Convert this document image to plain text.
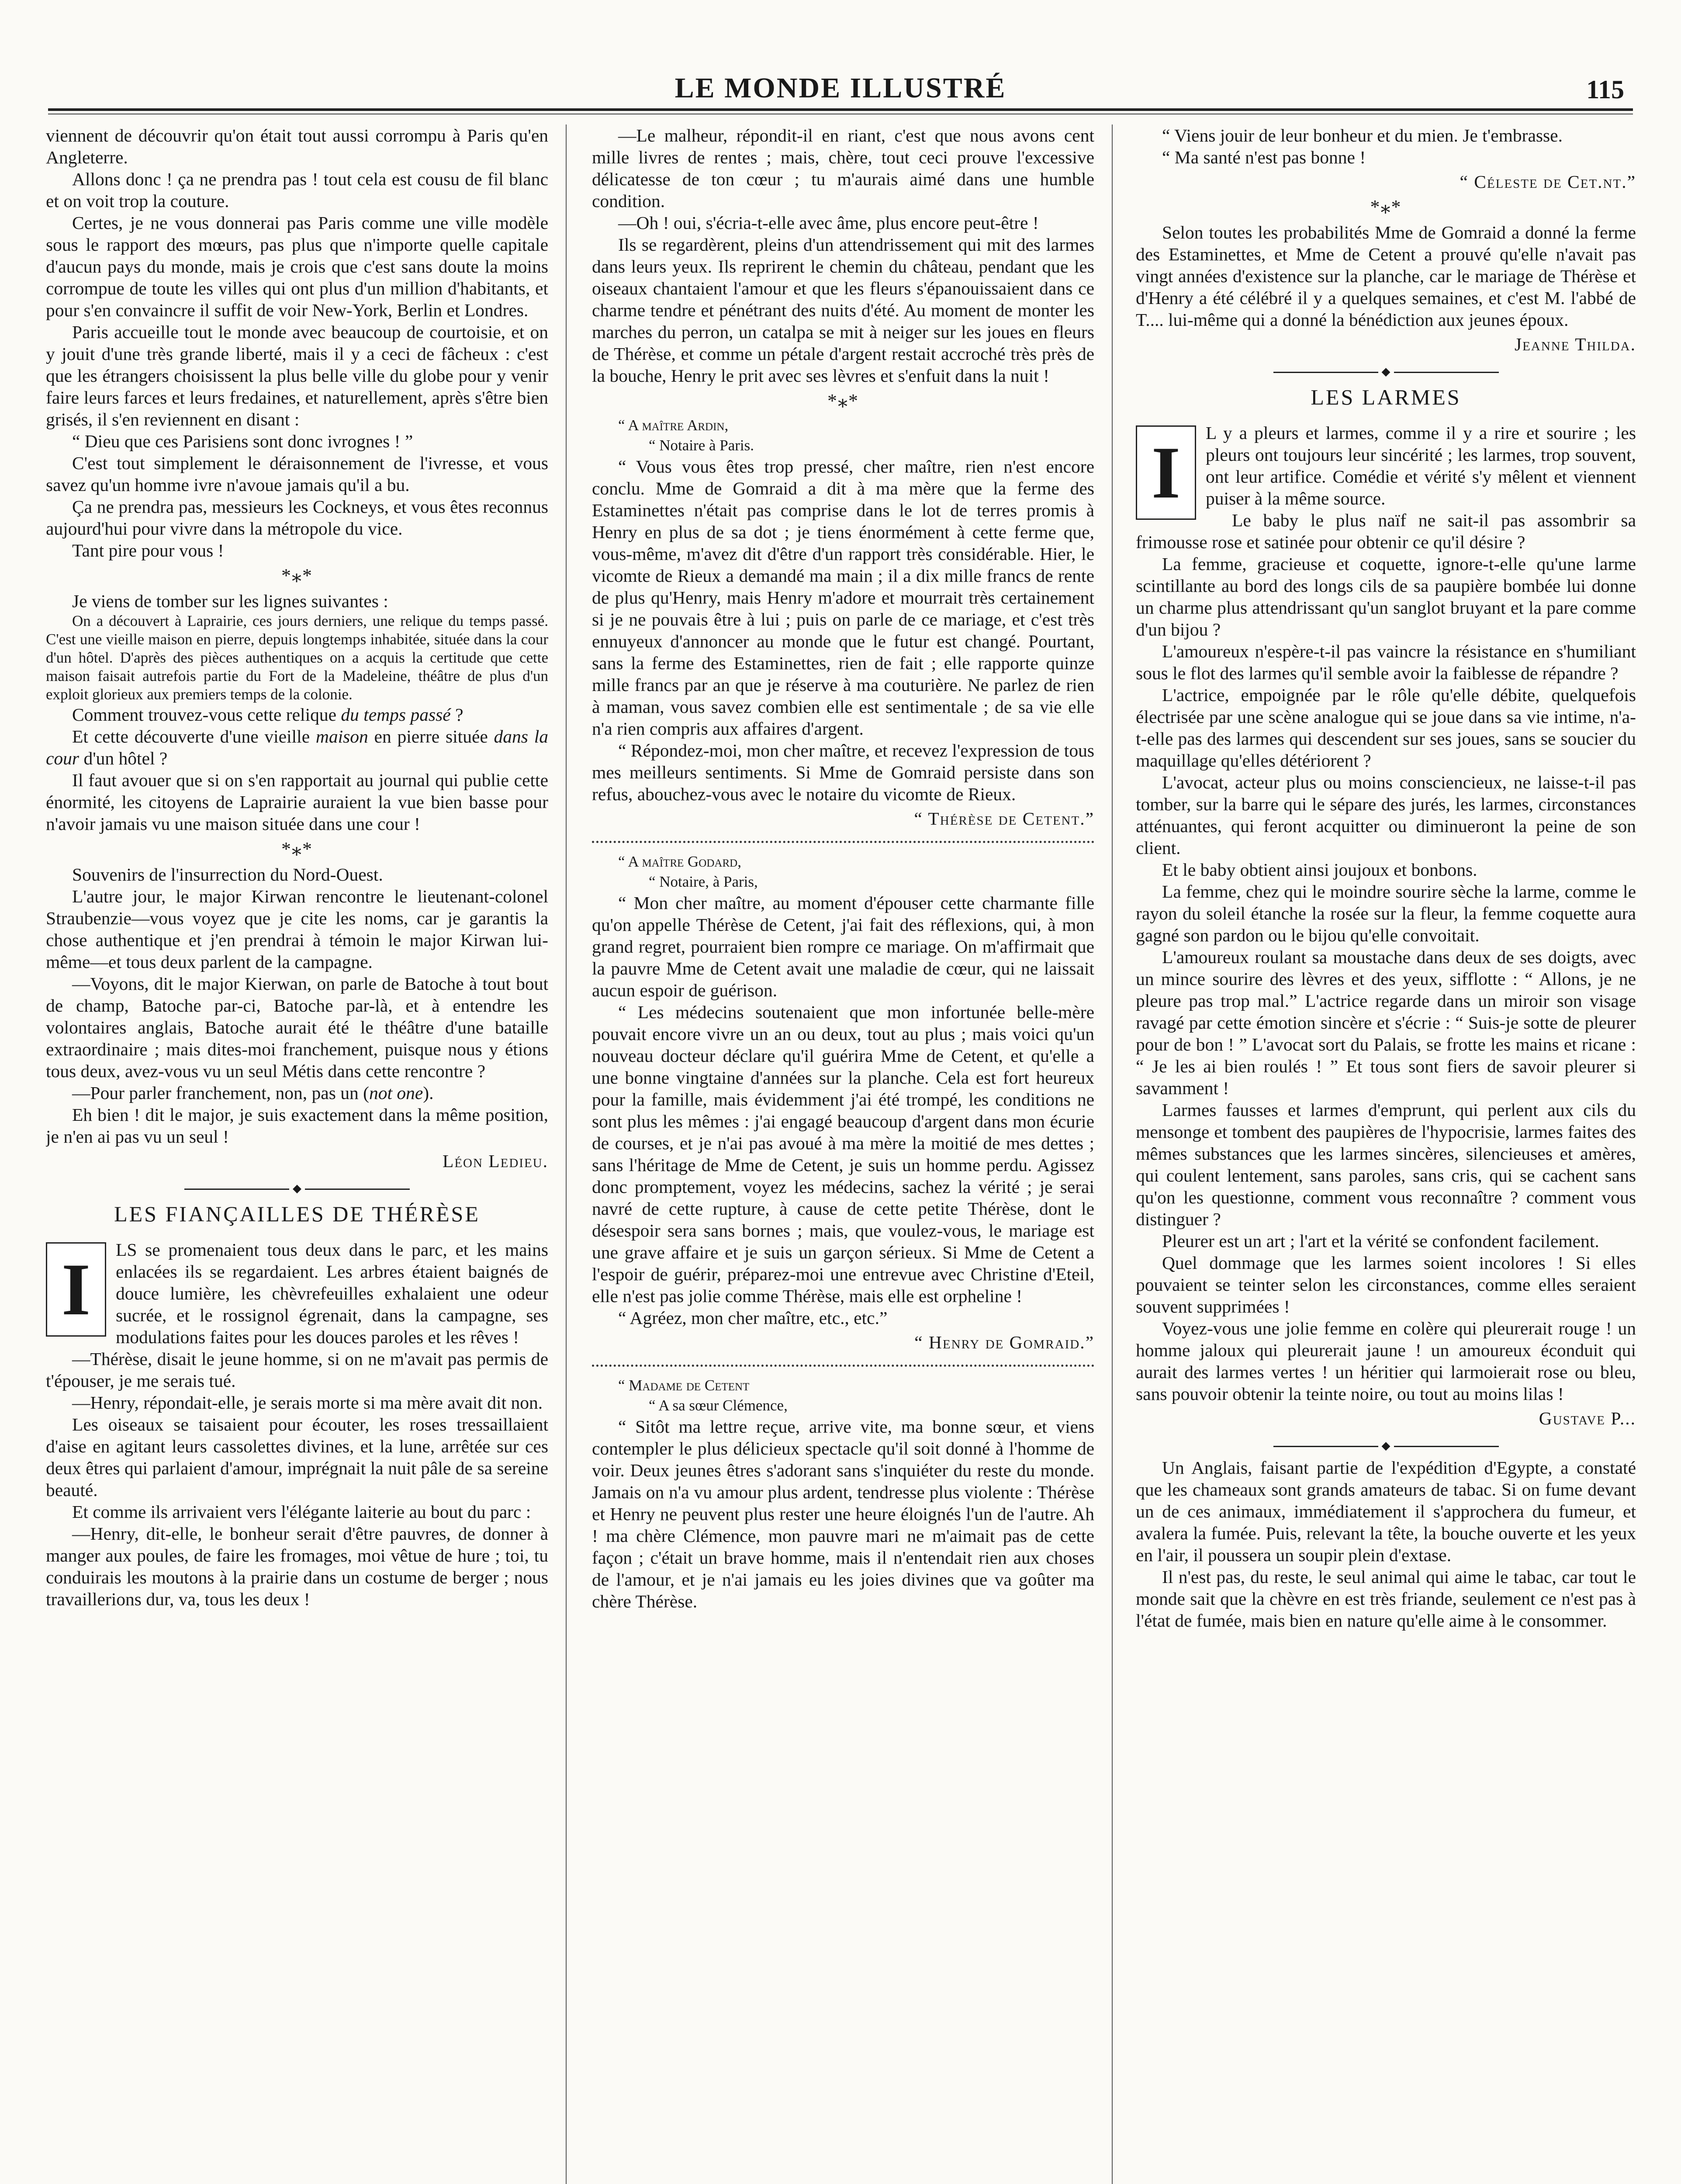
LE MONDE ILLUSTRÉ	115

viennent de découvrir qu'on était tout aussi corrompu à Paris qu'en Angleterre.

Allons donc ! ça ne prendra pas ! tout cela est cousu de fil blanc et on voit trop la couture.

Certes, je ne vous donnerai pas Paris comme une ville modèle sous le rapport des mœurs, pas plus que n'importe quelle capitale d'aucun pays du monde, mais je crois que c'est sans doute la moins corrompue de toute les villes qui ont plus d'un million d'habitants, et pour s'en convaincre il suffit de voir New-York, Berlin et Londres.

Paris accueille tout le monde avec beaucoup de courtoisie, et on y jouit d'une très grande liberté, mais il y a ceci de fâcheux : c'est que les étrangers choisissent la plus belle ville du globe pour y venir faire leurs farces et leurs fredaines, et naturellement, après s'être bien grisés, il s'en reviennent en disant :

“ Dieu que ces Parisiens sont donc ivrognes ! ”

C'est tout simplement le déraisonnement de l'ivresse, et vous savez qu'un homme ivre n'avoue jamais qu'il a bu.

Ça ne prendra pas, messieurs les Cockneys, et vous êtes reconnus aujourd'hui pour vivre dans la métropole du vice.

Tant pire pour vous !

*⁎*

Je viens de tomber sur les lignes suivantes :

On a découvert à Laprairie, ces jours derniers, une relique du temps passé. C'est une vieille maison en pierre, depuis longtemps inhabitée, située dans la cour d'un hôtel. D'après des pièces authentiques on a acquis la certitude que cette maison faisait autrefois partie du Fort de la Madeleine, théâtre de plus d'un exploit glorieux aux premiers temps de la colonie.

Comment trouvez-vous cette relique du temps passé ?

Et cette découverte d'une vieille maison en pierre située dans la cour d'un hôtel ?

Il faut avouer que si on s'en rapportait au journal qui publie cette énormité, les citoyens de Laprairie auraient la vue bien basse pour n'avoir jamais vu une maison située dans une cour !

*⁎*

Souvenirs de l'insurrection du Nord-Ouest.

L'autre jour, le major Kirwan rencontre le lieutenant-colonel Straubenzie—vous voyez que je cite les noms, car je garantis la chose authentique et j'en prendrai à témoin le major Kirwan lui-même—et tous deux parlent de la campagne.

—Voyons, dit le major Kierwan, on parle de Batoche à tout bout de champ, Batoche par-ci, Batoche par-là, et à entendre les volontaires anglais, Batoche aurait été le théâtre d'une bataille extraordinaire ; mais dites-moi franchement, puisque nous y étions tous deux, avez-vous vu un seul Métis dans cette rencontre ?

—Pour parler franchement, non, pas un (not one).

Eh bien ! dit le major, je suis exactement dans la même position, je n'en ai pas vu un seul !

Léon Ledieu.
◆
LES FIANÇAILLES DE THÉRÈSE
I	LS se promenaient tous deux dans le parc, et les mains enlacées ils se regardaient. Les arbres étaient baignés de douce lumière, les chèvrefeuilles exhalaient une odeur sucrée, et le rossignol égrenait, dans la campagne, ses modulations faites pour les douces paroles et les rêves !

—Thérèse, disait le jeune homme, si on ne m'avait pas permis de t'épouser, je me serais tué.

—Henry, répondait-elle, je serais morte si ma mère avait dit non.

Les oiseaux se taisaient pour écouter, les roses tressaillaient d'aise en agitant leurs cassolettes divines, et la lune, arrêtée sur ces deux êtres qui parlaient d'amour, imprégnait la nuit pâle de sa sereine beauté.

Et comme ils arrivaient vers l'élégante laiterie au bout du parc :

—Henry, dit-elle, le bonheur serait d'être pauvres, de donner à manger aux poules, de faire les fromages, moi vêtue de hure ; toi, tu conduirais les moutons à la prairie dans un costume de berger ; nous travaillerions dur, va, tous les deux !

—Le malheur, répondit-il en riant, c'est que nous avons cent mille livres de rentes ; mais, chère, tout ceci prouve l'excessive délicatesse de ton cœur ; tu m'aurais aimé dans une humble condition.

—Oh ! oui, s'écria-t-elle avec âme, plus encore peut-être !

Ils se regardèrent, pleins d'un attendrissement qui mit des larmes dans leurs yeux. Ils reprirent le chemin du château, pendant que les oiseaux chantaient l'amour et que les fleurs s'épanouissaient dans ce charme tendre et pénétrant des nuits d'été. Au moment de monter les marches du perron, un catalpa se mit à neiger sur les joues en fleurs de Thérèse, et comme un pétale d'argent restait accroché très près de la bouche, Henry le prit avec ses lèvres et s'enfuit dans la nuit !

*⁎*
“ A maître Ardin,
“ Notaire à Paris.

“ Vous vous êtes trop pressé, cher maître, rien n'est encore conclu. Mme de Gomraid a dit à ma mère que la ferme des Estaminettes n'était pas comprise dans le lot de terres promis à Henry en plus de sa dot ; je tiens énormément à cette ferme que, vous-même, m'avez dit d'être d'un rapport très considérable. Hier, le vicomte de Rieux a demandé ma main ; il a dix mille francs de rente de plus qu'Henry, mais Henry m'adore et mourrait très certainement si je ne pouvais être à lui ; puis on parle de ce mariage, et c'est très ennuyeux d'annoncer au monde que le futur est changé. Pourtant, sans la ferme des Estaminettes, rien de fait ; elle rapporte quinze mille francs par an que je réserve à ma couturière. Ne parlez de rien à maman, vous savez combien elle est sentimentale ; de sa vie elle n'a rien compris aux affaires d'argent.

“ Répondez-moi, mon cher maître, et recevez l'expression de tous mes meilleurs sentiments. Si Mme de Gomraid persiste dans son refus, abouchez-vous avec le notaire du vicomte de Rieux.

“ Thérèse de Cetent.”
“ A maître Godard,
“ Notaire, à Paris,

“ Mon cher maître, au moment d'épouser cette charmante fille qu'on appelle Thérèse de Cetent, j'ai fait des réflexions, qui, à mon grand regret, pourraient bien rompre ce mariage. On m'affirmait que la pauvre Mme de Cetent avait une maladie de cœur, qui ne laissait aucun espoir de guérison.

“ Les médecins soutenaient que mon infortunée belle-mère pouvait encore vivre un an ou deux, tout au plus ; mais voici qu'un nouveau docteur déclare qu'il guérira Mme de Cetent, et qu'elle a une bonne vingtaine d'années sur la planche. Cela est fort heureux pour la famille, mais évidemment j'ai été trompé, les conditions ne sont plus les mêmes : j'ai engagé beaucoup d'argent dans mon écurie de courses, et je n'ai pas avoué à ma mère la moitié de mes dettes ; sans l'héritage de Mme de Cetent, je suis un homme perdu. Agissez donc promptement, voyez les médecins, sachez la vérité ; je serai navré de cette rupture, à cause de cette petite Thérèse, dont le désespoir sera sans bornes ; mais, que voulez-vous, le mariage est une grave affaire et je suis un garçon sérieux. Si Mme de Cetent a l'espoir de guérir, préparez-moi une entrevue avec Christine d'Eteil, elle n'est pas jolie comme Thérèse, mais elle est orpheline !

“ Agréez, mon cher maître, etc., etc.”

“ Henry de Gomraid.”
“ Madame de Cetent
“ A sa sœur Clémence,

“ Sitôt ma lettre reçue, arrive vite, ma bonne sœur, et viens contempler le plus délicieux spectacle qu'il soit donné à l'homme de voir. Deux jeunes êtres s'adorant sans s'inquiéter du reste du monde. Jamais on n'a vu amour plus ardent, tendresse plus violente : Thérèse et Henry ne peuvent plus rester une heure éloignés l'un de l'autre. Ah ! ma chère Clémence, mon pauvre mari ne m'aimait pas de cette façon ; c'était un brave homme, mais il n'entendait rien aux choses de l'amour, et je n'ai jamais eu les joies divines que va goûter ma chère Thérèse.

“ Viens jouir de leur bonheur et du mien. Je t'embrasse.

“ Ma santé n'est pas bonne !

“ Céleste de Cet.nt.”
*⁎*

Selon toutes les probabilités Mme de Gomraid a donné la ferme des Estaminettes, et Mme de Cetent a prouvé qu'elle n'avait pas vingt années d'existence sur la planche, car le mariage de Thérèse et d'Henry a été célébré il y a quelques semaines, et c'est M. l'abbé de T.... lui-même qui a donné la bénédiction aux jeunes époux.

Jeanne Thilda.
◆
LES LARMES
I	L y a pleurs et larmes, comme il y a rire et sourire ; les pleurs ont toujours leur sincérité ; les larmes, trop souvent, ont leur artifice. Comédie et vérité s'y mêlent et viennent puiser à la même source.

Le baby le plus naïf ne sait-il pas assombrir sa frimousse rose et satinée pour obtenir ce qu'il désire ?

La femme, gracieuse et coquette, ignore-t-elle qu'une larme scintillante au bord des longs cils de sa paupière bombée lui donne un charme plus attendrissant qu'un sanglot bruyant et la pare comme d'un bijou ?

L'amoureux n'espère-t-il pas vaincre la résistance en s'humiliant sous le flot des larmes qu'il semble avoir la faiblesse de répandre ?

L'actrice, empoignée par le rôle qu'elle débite, quelquefois électrisée par une scène analogue qui se joue dans sa vie intime, n'a-t-elle pas des larmes qui descendent sur ses joues, sans se soucier du maquillage qu'elles détériorent ?

L'avocat, acteur plus ou moins consciencieux, ne laisse-t-il pas tomber, sur la barre qui le sépare des jurés, les larmes, circonstances atténuantes, qui feront acquitter ou diminueront la peine de son client.

Et le baby obtient ainsi joujoux et bonbons.

La femme, chez qui le moindre sourire sèche la larme, comme le rayon du soleil étanche la rosée sur la fleur, la femme coquette aura gagné son pardon ou le bijou qu'elle convoitait.

L'amoureux roulant sa moustache dans deux de ses doigts, avec un mince sourire des lèvres et des yeux, sifflotte : “ Allons, je ne pleure pas trop mal.” L'actrice regarde dans un miroir son visage ravagé par cette émotion sincère et s'écrie : “ Suis-je sotte de pleurer pour de bon ! ” L'avocat sort du Palais, se frotte les mains et ricane : “ Je les ai bien roulés ! ” Et tous sont fiers de savoir pleurer si savamment !

Larmes fausses et larmes d'emprunt, qui perlent aux cils du mensonge et tombent des paupières de l'hypocrisie, larmes faites des mêmes substances que les larmes sincères, silencieuses et amères, qui coulent lentement, sans paroles, sans cris, qui se cachent sans qu'on les questionne, comment vous reconnaître ? comment vous distinguer ?

Pleurer est un art ; l'art et la vérité se confondent facilement.

Quel dommage que les larmes soient incolores ! Si elles pouvaient se teinter selon les circonstances, comme elles seraient souvent supprimées !

Voyez-vous une jolie femme en colère qui pleurerait rouge ! un homme jaloux qui pleurerait jaune ! un amoureux éconduit qui aurait des larmes vertes ! un héritier qui larmoierait rose ou bleu, sans pouvoir obtenir la teinte noire, ou tout au moins lilas !

Gustave P...
◆

Un Anglais, faisant partie de l'expédition d'Egypte, a constaté que les chameaux sont grands amateurs de tabac. Si on fume devant un de ces animaux, immédiatement il s'approchera du fumeur, et avalera la fumée. Puis, relevant la tête, la bouche ouverte et les yeux en l'air, il poussera un soupir plein d'extase.

Il n'est pas, du reste, le seul animal qui aime le tabac, car tout le monde sait que la chèvre en est très friande, seulement ce n'est pas à l'état de fumée, mais bien en nature qu'elle aime à le consommer.
